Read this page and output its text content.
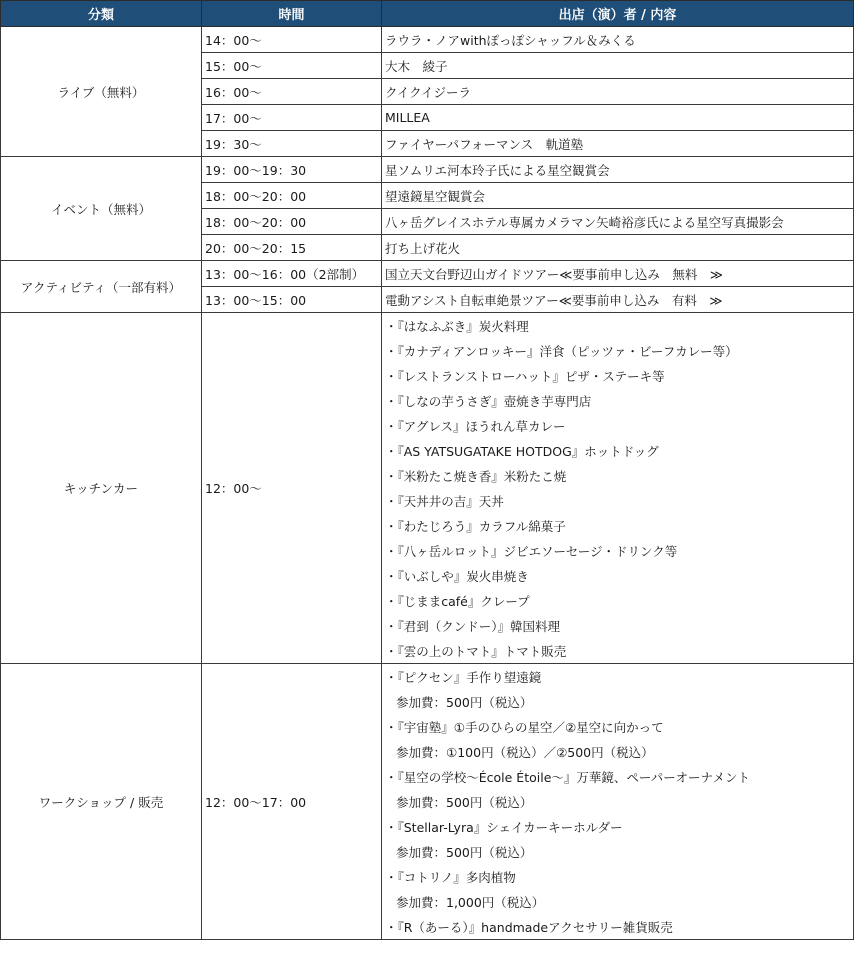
分類	時間	出店（演）者 / 内容
ライブ（無料）	14：00〜	ラウラ・ノアwithぽっぽシャッフル＆みくる
	15：00〜	大木　綾子
	16：00〜	クイクイジーラ
	17：00〜	MILLEA
	19：30〜	ファイヤーパフォーマンス　軌道塾
イベント（無料）	19：00〜19：30	星ソムリエ河本玲子氏による星空観賞会
	18：00〜20：00	望遠鏡星空観賞会
	18：00〜20：00	八ヶ岳グレイスホテル専属カメラマン矢崎裕彦氏による星空写真撮影会
	20：00〜20：15	打ち上げ花火
アクティビティ（一部有料）	13：00〜16：00（2部制）	国立天文台野辺山ガイドツアー≪要事前申し込み　無料　≫
	13：00〜15：00	電動アシスト自転車絶景ツアー≪要事前申し込み　有料　≫
キッチンカー	12：00〜	・『はなふぶき』炭火料理
		・『カナディアンロッキー』洋食（ピッツァ・ビーフカレー等）
		・『レストランストローハット』ピザ・ステーキ等
		・『しなの芋うさぎ』壺焼き芋専門店
		・『アグレス』ほうれん草カレー
		・『AS YATSUGATAKE HOTDOG』ホットドッグ
		・『米粉たこ焼き香』米粉たこ焼
		・『天丼井の吉』天丼
		・『わたじろう』カラフル綿菓子
		・『八ヶ岳ルロット』ジビエソーセージ・ドリンク等
		・『いぶしや』炭火串焼き
		・『じままcafé』クレープ
		・『君到（クンドー）』韓国料理
		・『雲の上のトマト』トマト販売
ワークショップ / 販売	12：00〜17：00	・『ピクセン』手作り望遠鏡
		参加費：500円（税込）
		・『宇宙塾』①手のひらの星空／②星空に向かって
		参加費：①100円（税込）／②500円（税込）
		・『星空の学校〜École Étoile〜』万華鏡、ペーパーオーナメント
		参加費：500円（税込）
		・『Stellar-Lyra』シェイカーキーホルダー
		参加費：500円（税込）
		・『コトリノ』多肉植物
		参加費：1,000円（税込）
		・『R（あーる）』handmadeアクセサリー雑貨販売
